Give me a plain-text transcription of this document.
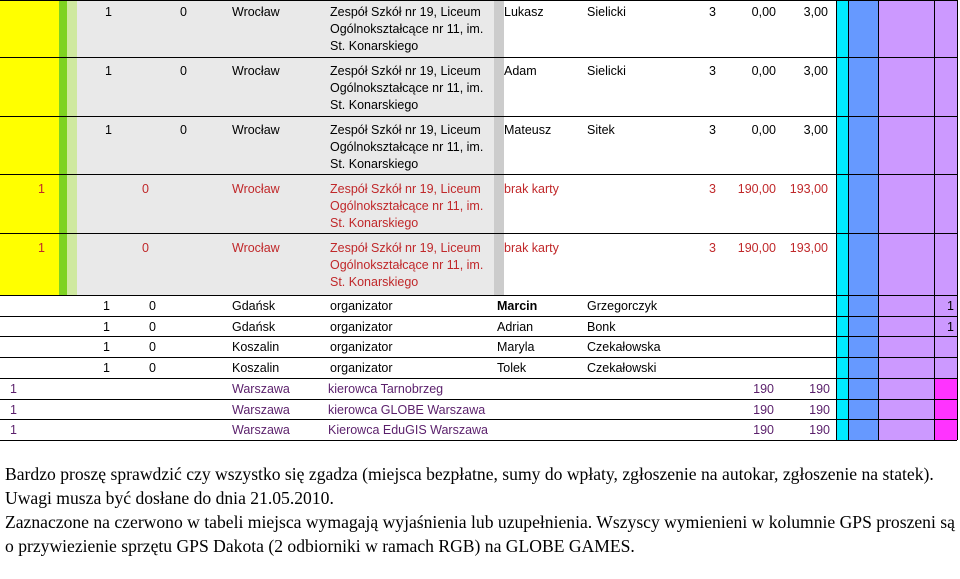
1	0	Wrocław	Zespół Szkół nr 19, Liceum
Ogólnokształcące nr 11, im.
St. Konarskiego
Lukasz	Sielicki	3	0,00	3,00
1	0	Wrocław	Zespół Szkół nr 19, Liceum
Ogólnokształcące nr 11, im.
St. Konarskiego
Adam	Sielicki	3	0,00	3,00
1	0	Wrocław	Zespół Szkół nr 19, Liceum
Ogólnokształcące nr 11, im.
St. Konarskiego
Mateusz	Sitek	3	0,00	3,00
1	0	Wrocław	Zespół Szkół nr 19, Liceum
Ogólnokształcące nr 11, im.
St. Konarskiego
brak karty	3	190,00	193,00
1	0	Wrocław	Zespół Szkół nr 19, Liceum
Ogólnokształcące nr 11, im.
St. Konarskiego
brak karty	3	190,00	193,00
1	0	Gdańsk	organizator	Marcin	Grzegorczyk	1
1	0	Gdańsk	organizator	Adrian	Bonk	1
1	0	Koszalin	organizator	Maryla	Czekałowska
1	0	Koszalin	organizator	Tolek	Czekałowski
1	Warszawa	kierowca Tarnobrzeg	190	190
1	Warszawa	kierowca GLOBE Warszawa	190	190
1	Warszawa	Kierowca EduGIS Warszawa	190	190

Bardzo proszę sprawdzić czy wszystko się zgadza (miejsca bezpłatne, sumy do wpłaty, zgłoszenie na autokar, zgłoszenie na statek). Uwagi musza być dosłane do dnia 21.05.2010.

Zaznaczone na czerwono w tabeli miejsca wymagają wyjaśnienia lub uzupełnienia. Wszyscy wymienieni w kolumnie GPS proszeni są o przywiezienie sprzętu GPS Dakota (2 odbiorniki w ramach RGB) na GLOBE GAMES.
